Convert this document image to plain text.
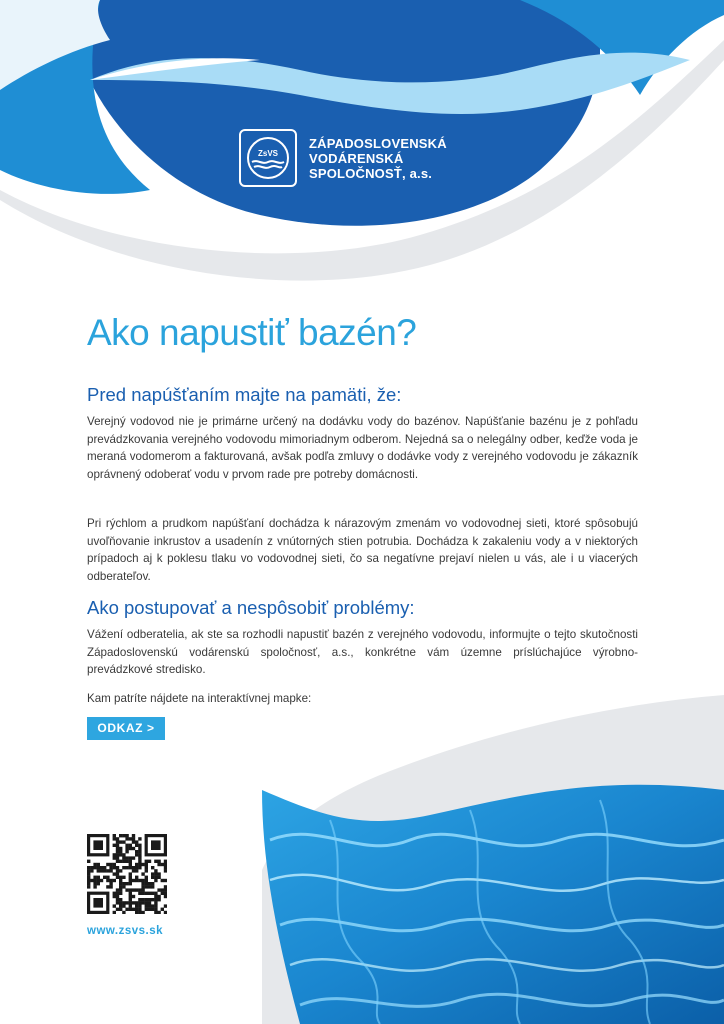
ZsVS
ZÁPADOSLOVENSKÁ
VODÁRENSKÁ
SPOLOČNOSŤ, a.s.
Ako napustiť bazén?
Pred napúšťaním majte na pamäti, že:

Verejný vodovod nie je primárne určený na dodávku vody do bazénov. Napúšťanie bazénu je z pohľadu prevádzkovania verejného vodovodu mimoriadnym odberom. Nejedná sa o nelegálny odber, keďže voda je meraná vodomerom a fakturovaná, avšak podľa zmluvy o dodávke vody z verejného vodovodu je zákazník oprávnený odoberať vodu v prvom rade pre potreby domácnosti.

Pri rýchlom a prudkom napúšťaní dochádza k nárazovým zmenám vo vodovodnej sieti, ktoré spôsobujú uvoľňovanie inkrustov a usadenín z vnútorných stien potrubia. Dochádza k zakaleniu vody a v niektorých prípadoch aj k poklesu tlaku vo vodovodnej sieti, čo sa negatívne prejaví nielen u vás, ale i u viacerých odberateľov.

Ako postupovať a nespôsobiť problémy:

Vážení odberatelia, ak ste sa rozhodli napustiť bazén z verejného vodovodu, informujte o tejto skutočnosti Západoslovenskú vodárenskú spoločnosť, a.s., konkrétne vám územne príslúchajúce výrobno-prevádzkové stredisko.

Kam patríte nájdete na interaktívnej mapke:

ODKAZ >
www.zsvs.sk
